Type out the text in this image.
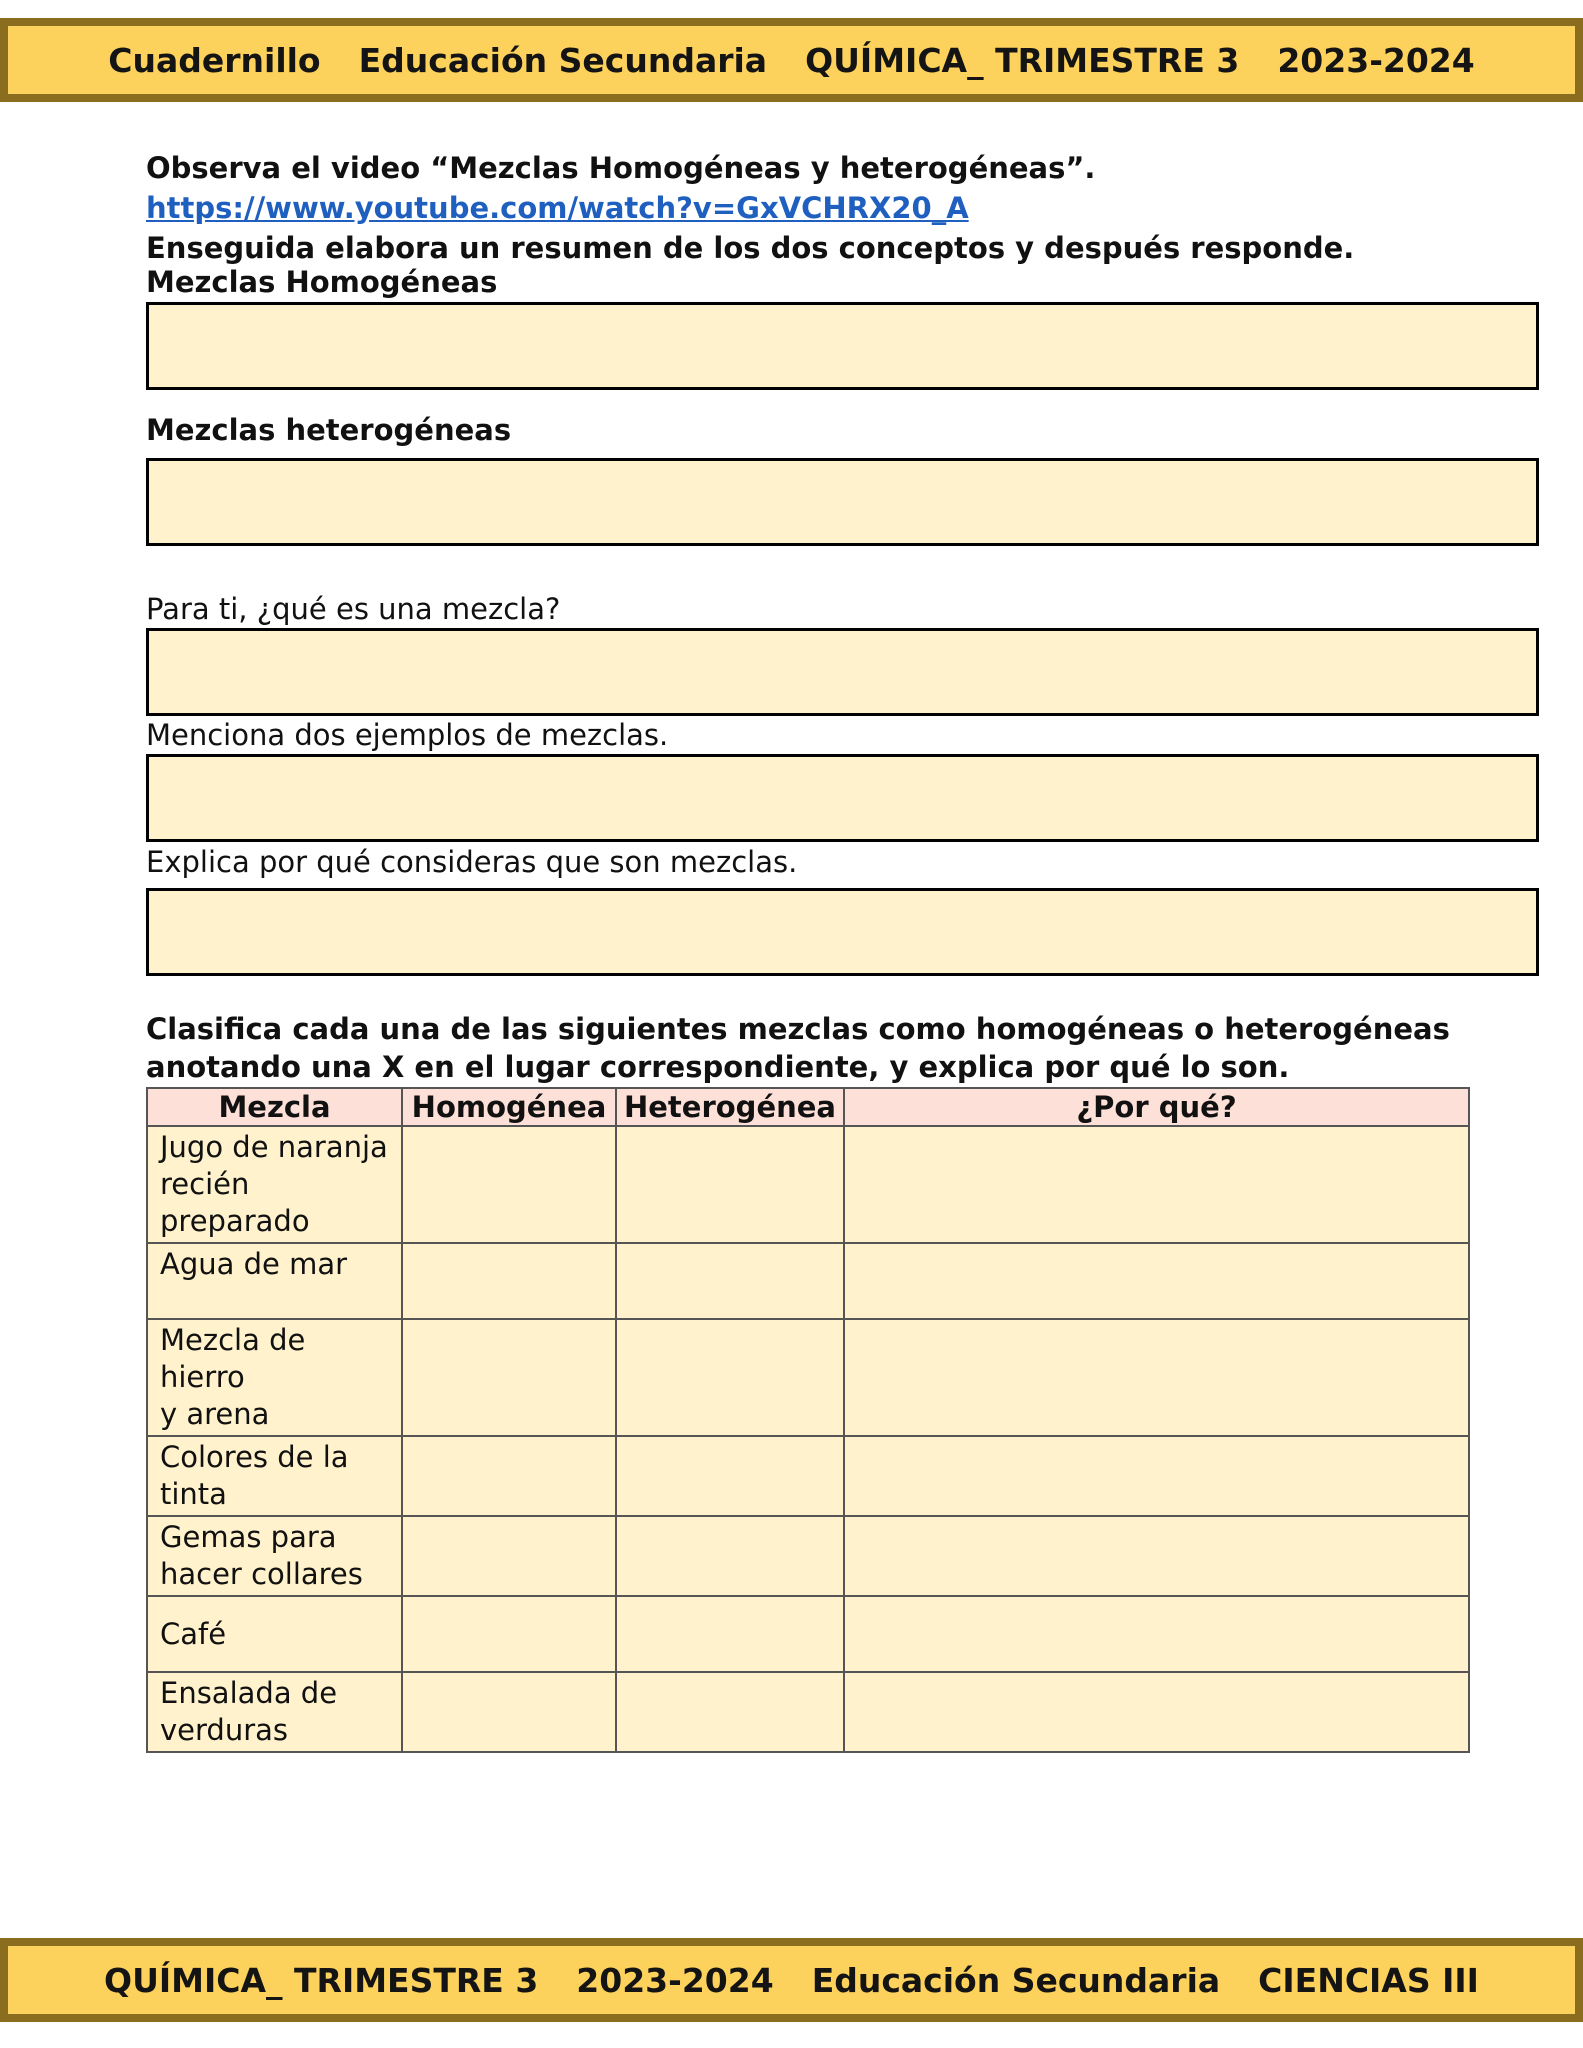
Cuadernillo Educación Secundaria QUÍMICA_ TRIMESTRE 3 2023-2024
Observa el video “Mezclas Homogéneas y heterogéneas”.
https://www.youtube.com/watch?v=GxVCHRX20_A
Enseguida elabora un resumen de los dos conceptos y después responde.
Mezclas Homogéneas
Mezclas heterogéneas
Para ti, ¿qué es una mezcla?
Menciona dos ejemplos de mezclas.
Explica por qué consideras que son mezclas.
Clasifica cada una de las siguientes mezclas como homogéneas o heterogéneas
anotando una X en el lugar correspondiente, y explica por qué lo son.
Mezcla	Homogénea	Heterogénea	¿Por qué?

Jugo de naranja
recién
preparado			

Agua de mar			

Mezcla de hierro
y arena			

Colores de la
tinta			

Gemas para
hacer collares			

Café			

Ensalada de
verduras			

QUÍMICA_ TRIMESTRE 3 2023-2024 Educación Secundaria CIENCIAS III
